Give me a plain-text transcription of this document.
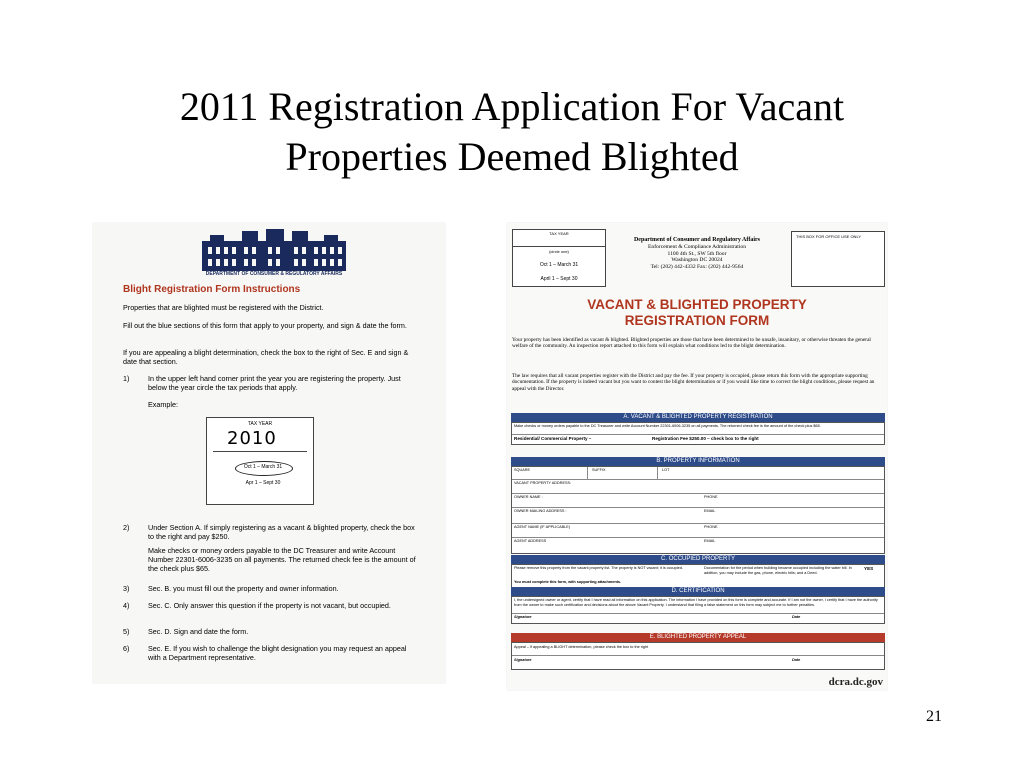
2011 Registration Application For Vacant
Properties Deemed Blighted
DEPARTMENT OF CONSUMER & REGULATORY AFFAIRS
Blight Registration Form Instructions
Properties that are blighted must be registered with the District.
Fill out the blue sections of this form that apply to your property, and sign & date the form.
If you are appealing a blight determination, check the box to the right of Sec. E and sign & date that section.
1)	In the upper left hand corner print the year you are registering the property. Just below the year circle the tax periods that apply.
Example:
TAX YEAR
2010
Oct 1 – March 31
Apr 1 – Sept 30
2)	Under Section A. If simply registering as a vacant & blighted property, check the box to the right and pay $250.
Make checks or money orders payable to the DC Treasurer and write Account Number 22301-6006-3235 on all payments. The returned check fee is the amount of the check plus $65.
3)	Sec. B. you must fill out the property and owner information.
4)	Sec. C. Only answer this question if the property is not vacant, but occupied.
5)	Sec. D. Sign and date the form.
6)	Sec. E. If you wish to challenge the blight designation you may request an appeal with a Department representative.
TAX YEAR
(circle one)
Oct 1 – March 31
April 1 – Sept 30
Department of Consumer and Regulatory Affairs
Enforcement & Compliance Administration
1100 4th St., SW 5th floor
Washington DC 20024
Tel: (202) 442-4332 Fax: (202) 442-9564
THIS BOX FOR OFFICE USE ONLY
VACANT & BLIGHTED PROPERTY
REGISTRATION FORM
Your property has been identified as vacant & blighted. Blighted properties are those that have been determined to be unsafe, insanitary, or otherwise threaten the general welfare of the community. An inspection report attached to this form will explain what conditions led to the blight determination.
The law requires that all vacant properties register with the District and pay the fee. If your property is occupied, please return this form with the appropriate supporting documentation. If the property is indeed vacant but you want to contest the blight determination or if you would like time to correct the blight conditions, please request an appeal with the Director.
A. VACANT & BLIGHTED PROPERTY REGISTRATION
Make checks or money orders payable to the DC Treasurer and write Account Number 22301-6006-3235 on all payments. The returned check fee is the amount of the check plus $65.
Residential/ Commercial Property –	Registration Fee $250.00 – check box to the right
B. PROPERTY INFORMATION
SQUARE	SUFFIX	LOT
VACANT PROPERTY ADDRESS:
OWNER NAME :	PHONE
OWNER MAILING ADDRESS :	EMAIL
AGENT NAME (IF APPLICABLE)	PHONE
AGENT ADDRESS	EMAIL
C. OCCUPIED PROPERTY
Please remove this property from the vacant property list. The property is NOT vacant; it is occupied.	Documentation for the period when building became occupied including the water bill. In addition, you may include the gas, phone, electric bills; and a Deed.
YES
You must complete this form, with supporting attachments.
D. CERTIFICATION
I, the undersigned owner or agent, certify that I have read all information on this application. The information I have provided on this form is complete and accurate. If I am not the owner, I certify that I have the authority from the owner to make such certification and decisions about the above Vacant Property. I understand that filing a false statement on this form may subject me to further penalties.
Signature	Date
E. BLIGHTED PROPERTY APPEAL
Appeal – if appealing a BLIGHT determination, please check the box to the right
Signature	Date
dcra.dc.gov
21
